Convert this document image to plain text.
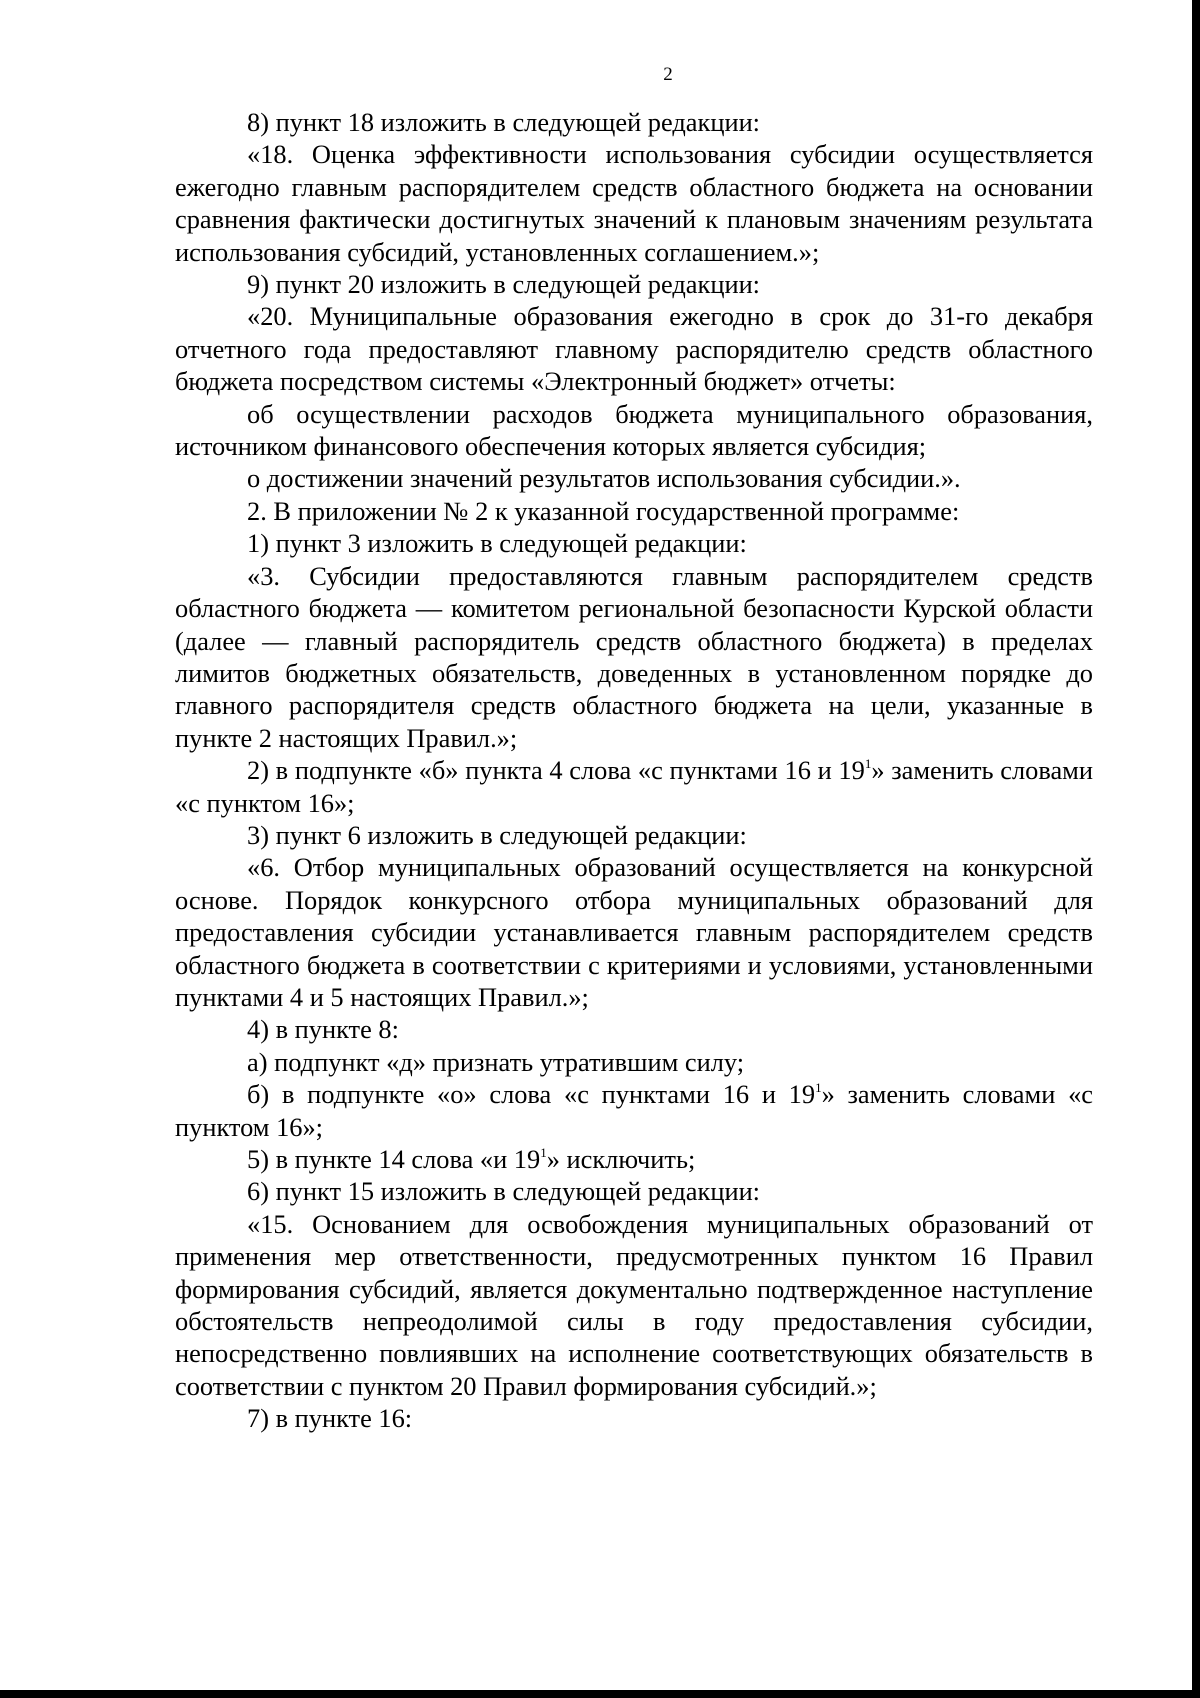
2

8) пункт 18 изложить в следующей редакции:

«18. Оценка эффективности использования субсидии осуществляется ежегодно главным распорядителем средств областного бюджета на основании сравнения фактически достигнутых значений к плановым значениям результата использования субсидий, установленных соглашением.»;

9) пункт 20 изложить в следующей редакции:

«20. Муниципальные образования ежегодно в срок до 31-го декабря отчетного года предоставляют главному распорядителю средств областного бюджета посредством системы «Электронный бюджет» отчеты:

об осуществлении расходов бюджета муниципального образования, источником финансового обеспечения которых является субсидия;

о достижении значений результатов использования субсидии.».

2. В приложении № 2 к указанной государственной программе:

1) пункт 3 изложить в следующей редакции:

«3. Субсидии предоставляются главным распорядителем средств областного бюджета — комитетом региональной безопасности Курской области (далее — главный распорядитель средств областного бюджета) в пределах лимитов бюджетных обязательств, доведенных в установленном порядке до главного распорядителя средств областного бюджета на цели, указанные в пункте 2 настоящих Правил.»;

2) в подпункте «б» пункта 4 слова «с пунктами 16 и $19^1$» заменить словами «с пунктом 16»;

3) пункт 6 изложить в следующей редакции:

«6. Отбор муниципальных образований осуществляется на конкурсной основе. Порядок конкурсного отбора муниципальных образований для предоставления субсидии устанавливается главным распорядителем средств областного бюджета в соответствии с критериями и условиями, установленными пунктами 4 и 5 настоящих Правил.»;

4) в пункте 8:

а) подпункт «д» признать утратившим силу;

б) в подпункте «о» слова «с пунктами 16 и $19^1$» заменить словами «с пунктом 16»;

5) в пункте 14 слова «и $19^1$» исключить;

6) пункт 15 изложить в следующей редакции:

«15. Основанием для освобождения муниципальных образований от применения мер ответственности, предусмотренных пунктом 16 Правил формирования субсидий, является документально подтвержденное наступление обстоятельств непреодолимой силы в году предоставления субсидии, непосредственно повлиявших на исполнение соответствующих обязательств в соответствии с пунктом 20 Правил формирования субсидий.»;

7) в пункте 16:
